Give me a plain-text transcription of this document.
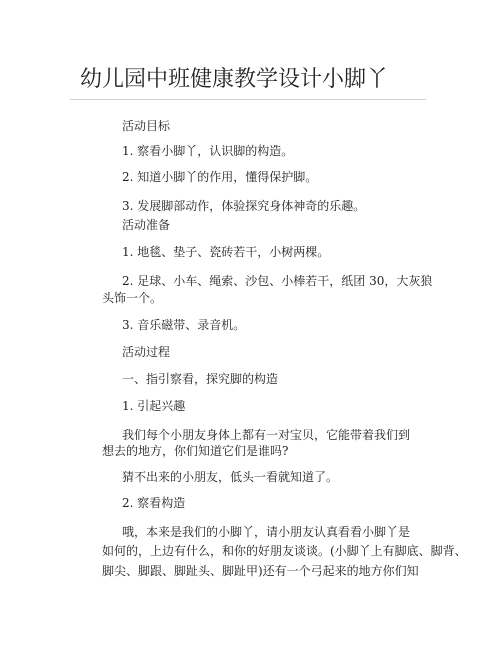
幼儿园中班健康教学设计小脚丫
活动目标
1. 察看小脚丫，认识脚的构造。
2. 知道小脚丫的作用，懂得保护脚。
3. 发展脚部动作，体验探究身体神奇的乐趣。
活动准备
1. 地毯、垫子、瓷砖若干，小树两棵。
2. 足球、小车、绳索、沙包、小棒若干，纸团 30，大灰狼
头饰一个。
3. 音乐磁带、录音机。
活动过程
一、指引察看，探究脚的构造
1. 引起兴趣
我们每个小朋友身体上都有一对宝贝，它能带着我们到
想去的地方，你们知道它们是谁吗?
猜不出来的小朋友，低头一看就知道了。
2. 察看构造
哦，本来是我们的小脚丫，请小朋友认真看看小脚丫是
如何的，上边有什么，和你的好朋友谈谈。(小脚丫上有脚底、脚背、
脚尖、脚跟、脚趾头、脚趾甲)还有一个弓起来的地方你们知
